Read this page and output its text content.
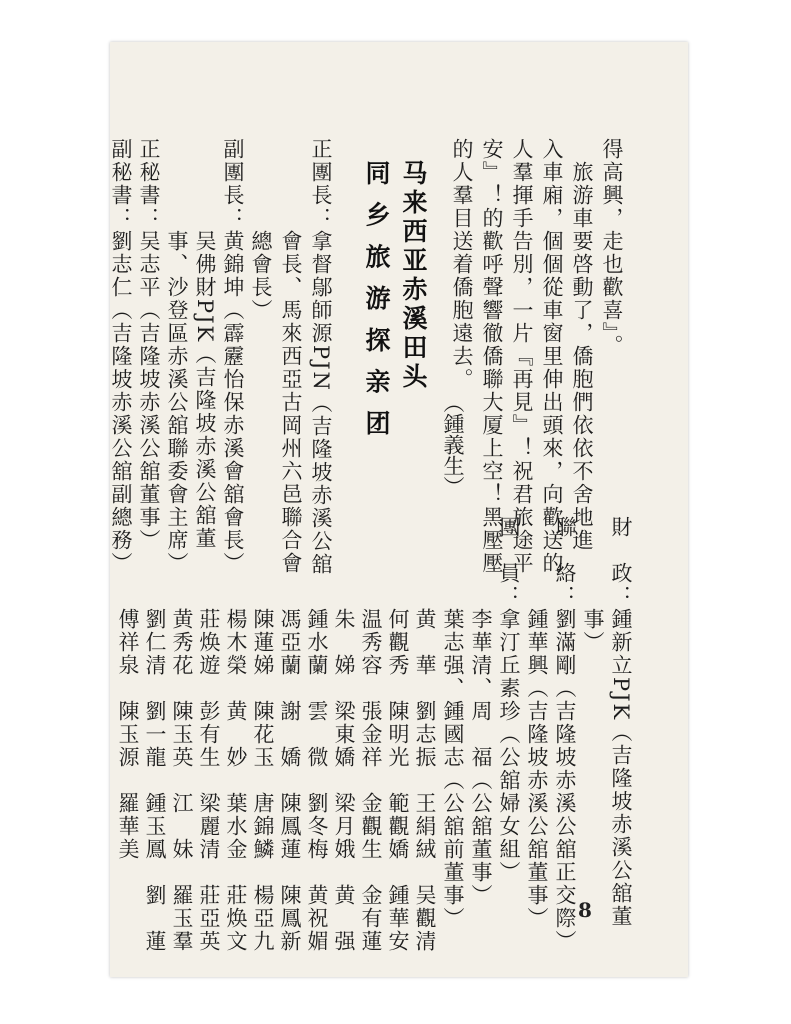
得高興，走也歡喜』。
　旅游車要啓動了，僑胞們依依不舍地進
入車廂，個個從車窗里伸出頭來，向歡送的
人羣揮手告別，一片『再見』！祝君旅途平
安』！的歡呼聲響徹僑聯大厦上空！黑壓壓
的人羣目送着僑胞遠去。
（鍾義生）
马来西亚赤溪田头
同 乡 旅 游 探 亲 团
正團長：拿督鄔師源PJN（吉隆坡赤溪公舘
　　　　會長、馬來西亞古岡州六邑聯合會
　　　　總會長）
副團長：黄錦坤（霹靂怡保赤溪會舘會長）
　　　　吴佛財PJK（吉隆坡赤溪公舘董
　　　　事、沙登區赤溪公舘聯委會主席）
正秘書：吴志平（吉隆坡赤溪公舘董事）
副秘書：劉志仁（吉隆坡赤溪公舘副總務）
財　政：鍾新立PJK（吉隆坡赤溪公舘董
　　　　事）
聯　絡：劉滿剛（吉隆坡赤溪公舘正交際）
　　　　鍾華興（吉隆坡赤溪公舘董事）
團　員：拿汀丘素珍（公舘婦女組）
　　　　李華清、周　福（公舘董事）
　　　　葉志强、鍾國志（公舘前董事）
　　　　黄　華　劉志振　王絹絨　吴觀清
　　　　何觀秀　陳明光　範觀嬌　鍾華安
　　　　温秀容　張金祥　金觀生　金有蓮
　　　　朱　娣　梁東嬌　梁月娥　黄　强
　　　　鍾水蘭　雲　微　劉冬梅　黄祝媚
　　　　馮亞蘭　謝　嬌　陳鳳蓮　陳鳳新
　　　　陳蓮娣　陳花玉　唐錦鱗　楊亞九
　　　　楊木榮　黄　妙　葉水金　莊焕文
　　　　莊焕遊　彭有生　梁麗清　莊亞英
　　　　黄秀花　陳玉英　江　妹　羅玉羣
　　　　劉仁清　劉一龍　鍾玉鳳　劉　蓮
　　　　傅祥泉　陳玉源　羅華美
8
